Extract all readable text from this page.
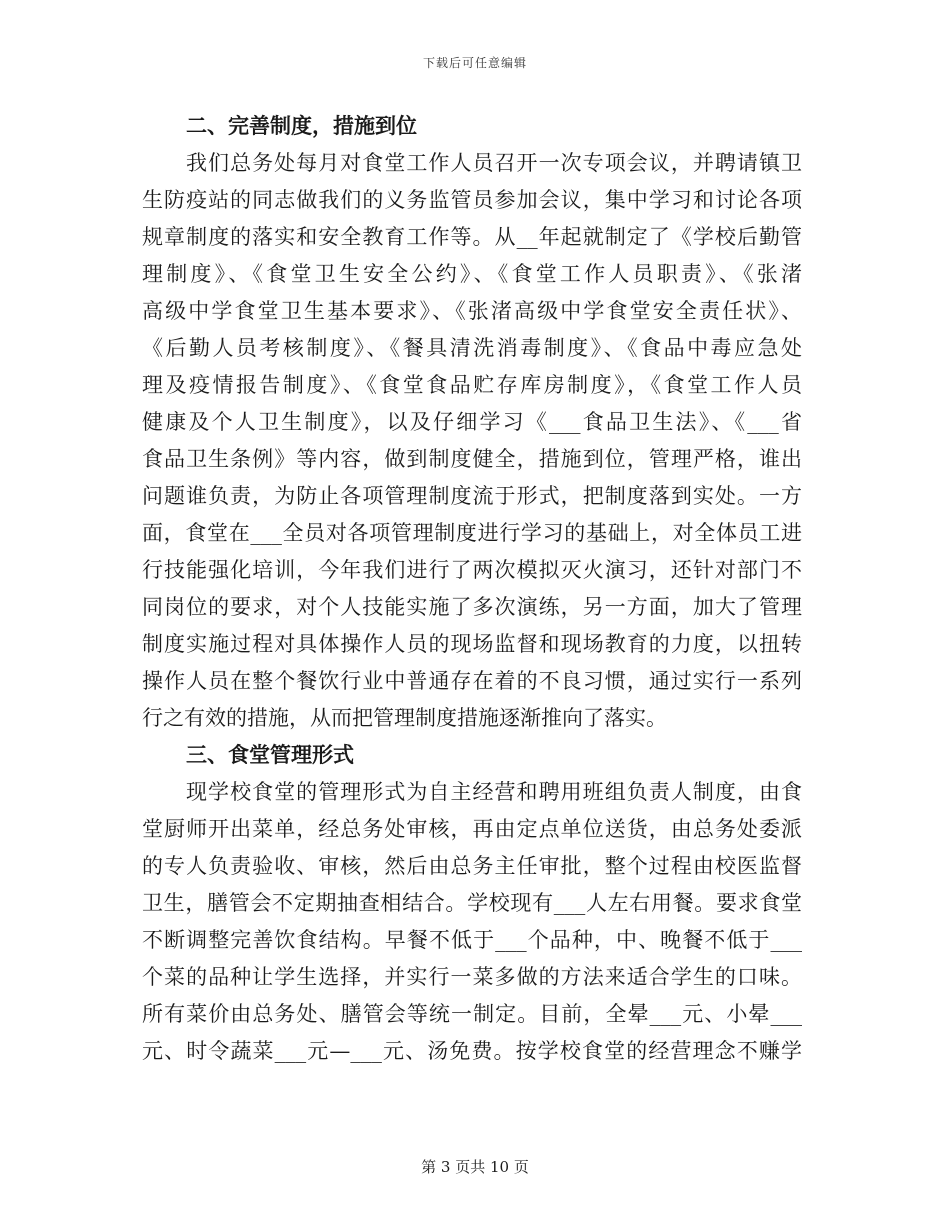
下载后可任意编辑
二、完善制度，措施到位
我们总务处每月对食堂工作人员召开一次专项会议，并聘请镇卫
生防疫站的同志做我们的义务监管员参加会议，集中学习和讨论各项
规章制度的落实和安全教育工作等。从__年起就制定了《学校后勤管
理制度》、《食堂卫生安全公约》、《食堂工作人员职责》、《张渚
高级中学食堂卫生基本要求》、《张渚高级中学食堂安全责任状》、
《后勤人员考核制度》、《餐具清洗消毒制度》、《食品中毒应急处
理及疫情报告制度》、《食堂食品贮存库房制度》，《食堂工作人员
健康及个人卫生制度》，以及仔细学习《___食品卫生法》、《___省
食品卫生条例》等内容，做到制度健全，措施到位，管理严格，谁出
问题谁负责，为防止各项管理制度流于形式，把制度落到实处。一方
面，食堂在___全员对各项管理制度进行学习的基础上，对全体员工进
行技能强化培训，今年我们进行了两次模拟灭火演习，还针对部门不
同岗位的要求，对个人技能实施了多次演练，另一方面，加大了管理
制度实施过程对具体操作人员的现场监督和现场教育的力度，以扭转
操作人员在整个餐饮行业中普通存在着的不良习惯，通过实行一系列
行之有效的措施，从而把管理制度措施逐渐推向了落实。
三、食堂管理形式
现学校食堂的管理形式为自主经营和聘用班组负责人制度，由食
堂厨师开出菜单，经总务处审核，再由定点单位送货，由总务处委派
的专人负责验收、审核，然后由总务主任审批，整个过程由校医监督
卫生，膳管会不定期抽查相结合。学校现有___人左右用餐。要求食堂
不断调整完善饮食结构。早餐不低于___个品种，中、晚餐不低于___
个菜的品种让学生选择，并实行一菜多做的方法来适合学生的口味。
所有菜价由总务处、膳管会等统一制定。目前，全晕___元、小晕___
元、时令蔬菜___元—___元、汤免费。按学校食堂的经营理念不赚学
第 3 页共 10 页
